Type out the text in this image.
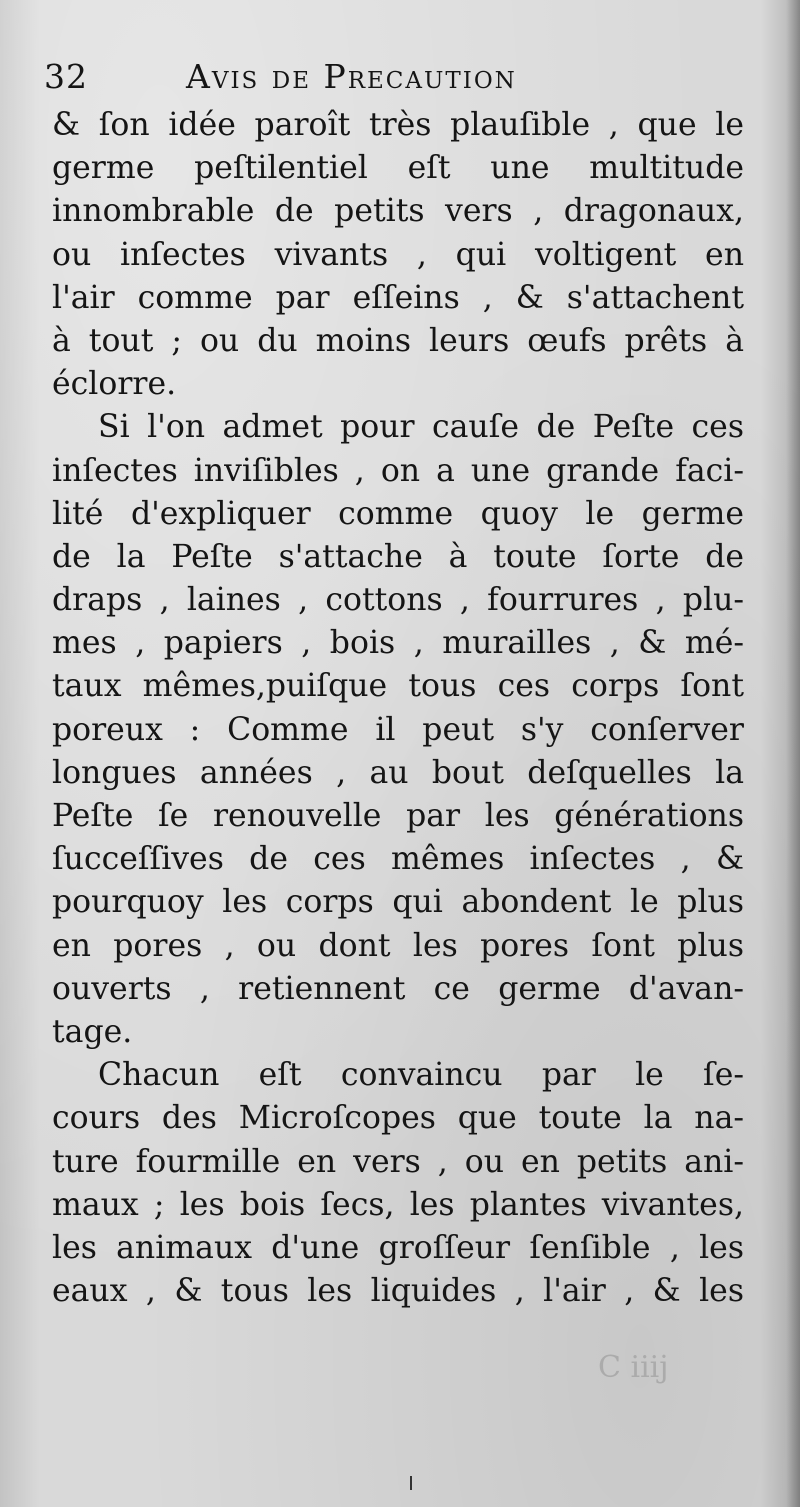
32	Avis de Precaution
& ſon idée paroît très plauſible , que le
germe peſtilentiel eſt une multitude
innombrable de petits vers , dragonaux,
ou inſectes vivants , qui voltigent en
l'air comme par eſſeins , & s'attachent
à tout ; ou du moins leurs œufs prêts à
éclorre.
Si l'on admet pour cauſe de Peſte ces
inſectes inviſibles , on a une grande faci-
lité d'expliquer comme quoy le germe
de la Peſte s'attache à toute ſorte de
draps , laines , cottons , fourrures , plu-
mes , papiers , bois , murailles , & mé-
taux mêmes,puiſque tous ces corps ſont
poreux : Comme il peut s'y conſerver
longues années , au bout deſquelles la
Peſte ſe renouvelle par les générations
ſucceſſives de ces mêmes inſectes , &
pourquoy les corps qui abondent le plus
en pores , ou dont les pores ſont plus
ouverts , retiennent ce germe d'avan-
tage.
Chacun eſt convaincu par le ſe-
cours des Microſcopes que toute la na-
ture fourmille en vers , ou en petits ani-
maux ; les bois ſecs, les plantes vivantes,
les animaux d'une groſſeur ſenſible , les
eaux , & tous les liquides , l'air , & les
C iiij
